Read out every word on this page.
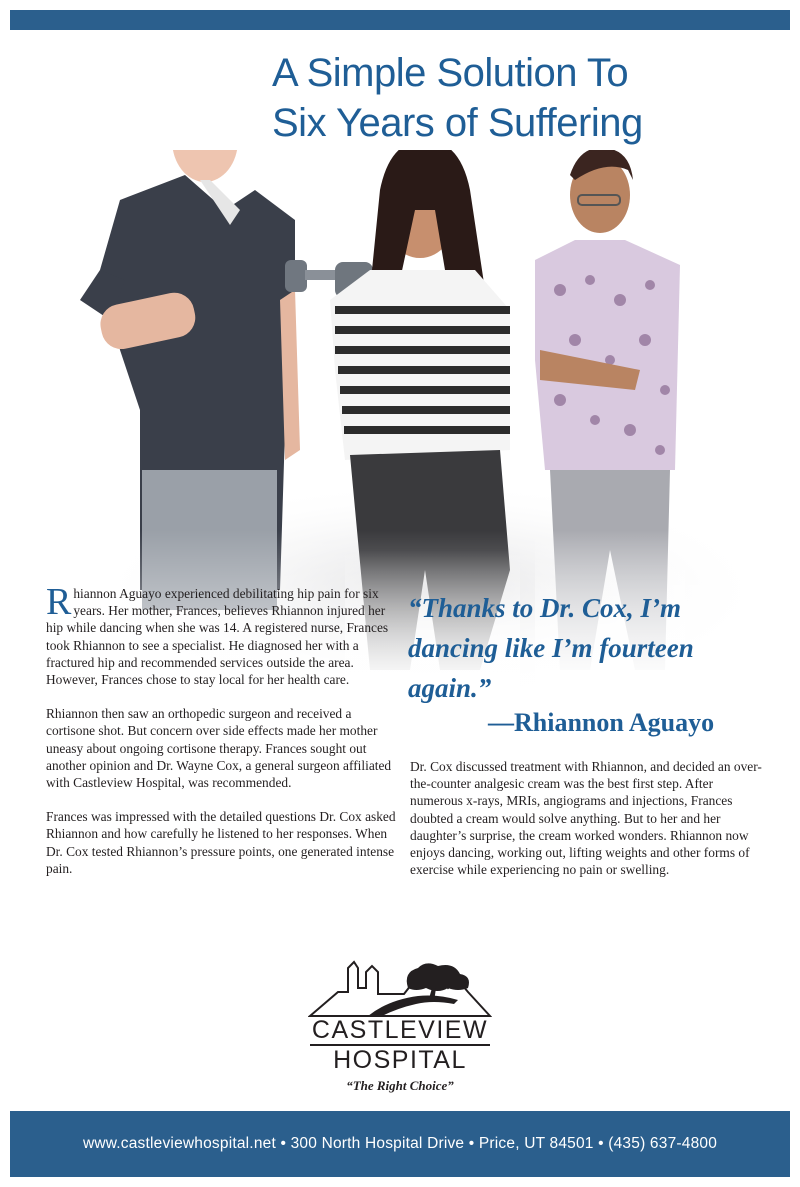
A Simple Solution To
Six Years of Suffering

Rhiannon Aguayo experienced debilitating hip pain for six years. Her mother, Frances, believes Rhiannon injured her hip while dancing when she was 14. A registered nurse, Frances took Rhiannon to see a specialist. He diagnosed her with a fractured hip and recommended services outside the area. However, Frances chose to stay local for her health care.

Rhiannon then saw an orthopedic surgeon and received a cortisone shot. But concern over side effects made her mother uneasy about ongoing cortisone therapy. Frances sought out another opinion and Dr. Wayne Cox, a general surgeon affiliated with Castleview Hospital, was recommended.

Frances was impressed with the detailed questions Dr. Cox asked Rhiannon and how carefully he listened to her responses. When Dr. Cox tested Rhiannon’s pressure points, one generated intense pain.

“Thanks to Dr. Cox, I’m dancing like I’m fourteen again.”
—Rhiannon Aguayo

Dr. Cox discussed treatment with Rhiannon, and decided an over-the-counter analgesic cream was the best first step. After numerous x-rays, MRIs, angiograms and injections, Frances doubted a cream would solve anything. But to her and her daughter’s surprise, the cream worked wonders. Rhiannon now enjoys dancing, working out, lifting weights and other forms of exercise while experiencing no pain or swelling.

CASTLEVIEW
HOSPITAL
“The Right Choice”
www.castleviewhospital.net • 300 North Hospital Drive • Price, UT 84501 • (435) 637-4800
